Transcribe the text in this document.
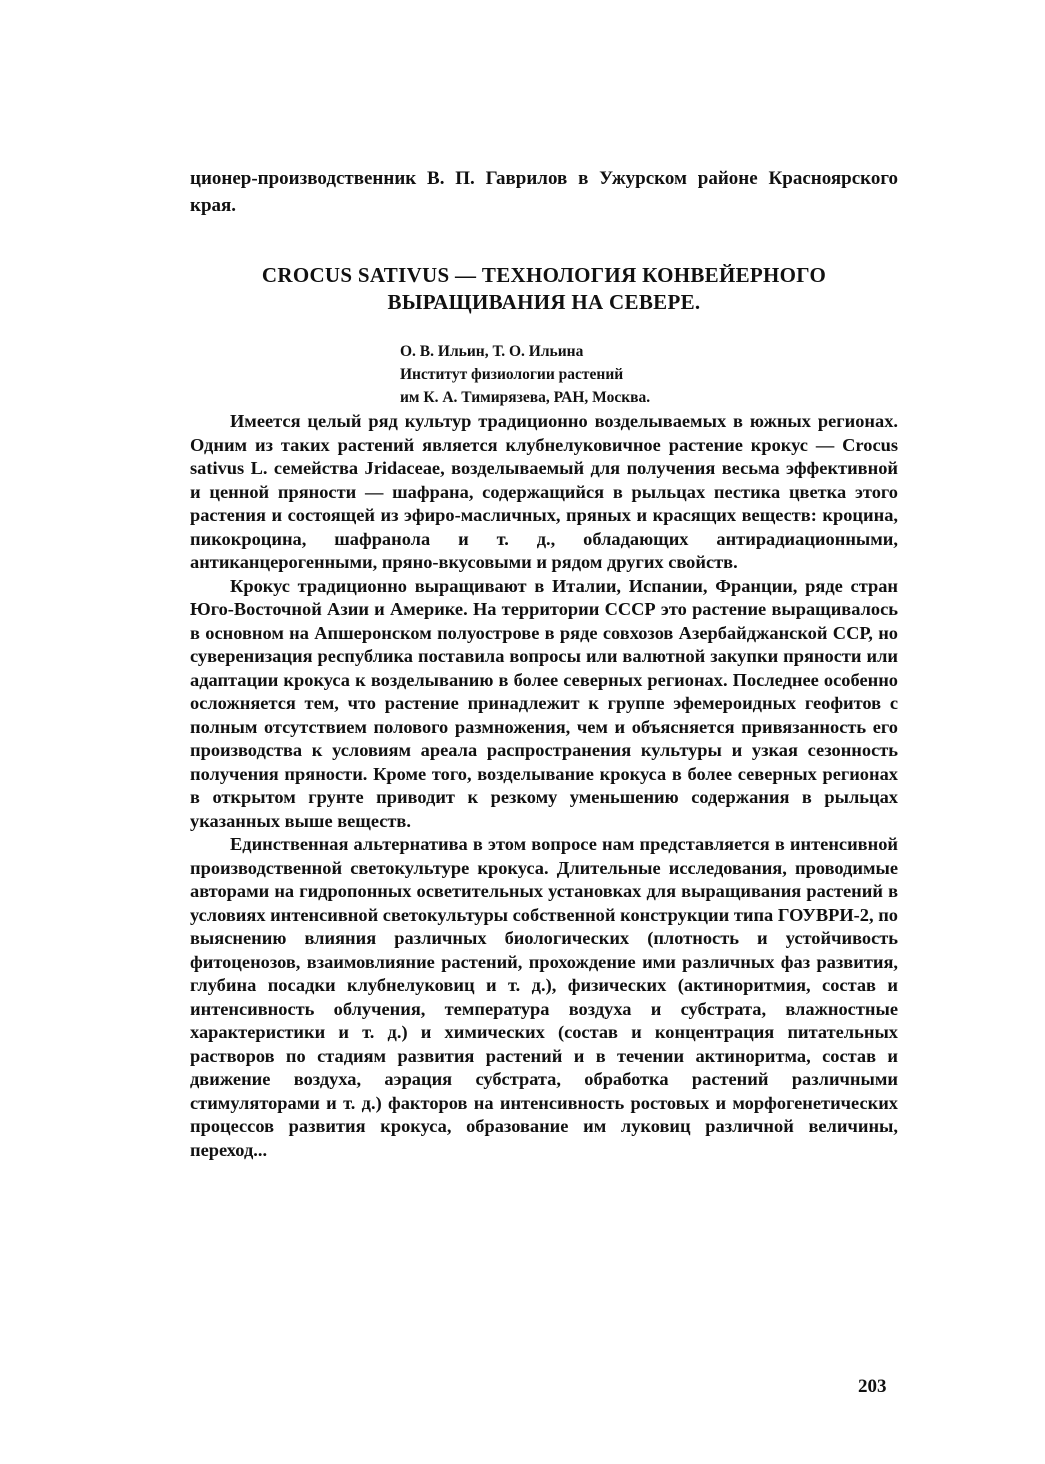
ционер-производственник В. П. Гаврилов в Ужурском районе Красноярского края.
CROCUS SATIVUS — ТЕХНОЛОГИЯ КОНВЕЙЕРНОГО
ВЫРАЩИВАНИЯ НА СЕВЕРЕ.
О. В. Ильин, Т. О. Ильина
Институт физиологии растений
им К. А. Тимирязева, РАН, Москва.

Имеется целый ряд культур традиционно возделываемых в южных регионах. Одним из таких растений является клубнелуковичное растение крокус — Crocus sativus L. семейства Jridaceae, возделываемый для получения весьма эффективной и ценной пряности — шафрана, содержащийся в рыльцах пестика цветка этого растения и состоящей из эфиро-масличных, пряных и красящих веществ: кроцина, пикокроцина, шафранола и т. д., обладающих антирадиационными, антиканцерогенными, пряно-вкусовыми и рядом других свойств.

Крокус традиционно выращивают в Италии, Испании, Франции, ряде стран Юго-Восточной Азии и Америке. На территории СССР это растение выращивалось в основном на Апшеронском полуострове в ряде совхозов Азербайджанской ССР, но суверенизация республика поставила вопросы или валютной закупки пряности или адаптации крокуса к возделыванию в более северных регионах. Последнее особенно осложняется тем, что растение принадлежит к группе эфемероидных геофитов с полным отсутствием полового размножения, чем и объясняется привязанность его производства к условиям ареала распространения культуры и узкая сезонность получения пряности. Кроме того, возделывание крокуса в более северных регионах в открытом грунте приводит к резкому уменьшению содержания в рыльцах указанных выше веществ.

Единственная альтернатива в этом вопросе нам представляется в интенсивной производственной светокультуре крокуса. Длительные исследования, проводимые авторами на гидропонных осветительных установках для выращивания растений в условиях интенсивной светокультуры собственной конструкции типа ГОУВРИ-2, по выяснению влияния различных биологических (плотность и устойчивость фитоценозов, взаимовлияние растений, прохождение ими различных фаз развития, глубина посадки клубнелуковиц и т. д.), физических (актиноритмия, состав и интенсивность облучения, температура воздуха и субстрата, влажностные характеристики и т. д.) и химических (состав и концентрация питательных растворов по стадиям развития растений и в течении актиноритма, состав и движение воздуха, аэрация субстрата, обработка растений различными стимуляторами и т. д.) факторов на интенсивность ростовых и морфогенетических процессов развития крокуса, образование им луковиц различной величины, переход...

203
